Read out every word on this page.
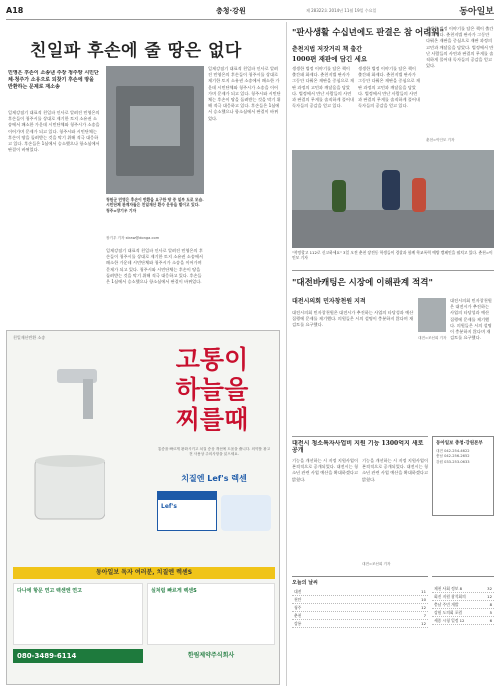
A18	충청·강원	제 28322호 2014년 11월 19일 수요일	동아일보
친일파 후손에 줄 땅은 없다
민영은 후손이 소송낸 주장 청주땅 시민단체·청주가 소유으로 되찾기 후손에 땅을 반환하는 문제로 재소송
일제강점기 대표적 친일파 인사로 알려진 민영은의 후손들이 청주시를 상대로 제기한 토지 소유권 소송에서 패소한 가운데 시민단체와 청주시가 소송을 이어가며 문제가 되고 있다. 청주시와 시민단체는 후손이 땅을 돌려받는 것을 막기 위해 적극 대응하고 있다. 후손들은 1심에서 승소했으나 항소심에서 판결이 바뀌었다.
청원군 민영은 후손이 반환을 요구한 땅 중 일부 도로 모습. 시민단체 관계자들은 친일재산 환수 운동을 벌이고 있다. 청주=장기우 기자
장기우 기자 straw@donga.com
일제강점기 대표적 친일파 인사로 알려진 민영은의 후손들이 청주시를 상대로 제기한 토지 소유권 소송에서 패소한 가운데 시민단체와 청주시가 소송을 이어가며 문제가 되고 있다. 청주시와 시민단체는 후손이 땅을 돌려받는 것을 막기 위해 적극 대응하고 있다. 후손들은 1심에서 승소했으나 항소심에서 판결이 바뀌었다.
일제강점기 대표적 친일파 인사로 알려진 민영은의 후손들이 청주시를 상대로 제기한 토지 소유권 소송에서 패소한 가운데 시민단체와 청주시가 소송을 이어가며 문제가 되고 있다. 청주시와 시민단체는 후손이 땅을 돌려받는 것을 막기 위해 적극 대응하고 있다. 후손들은 1심에서 승소했으나 항소심에서 판결이 바뀌었다.
친일재산반환 소송
고통이
하늘을
찌를때
통증을 빠르게 완화시키고 치질 증상 개선에 도움을 줍니다. 의약품 광고 전 사용상 주의사항을 읽으세요.
치질엔 Lef's 렉센
Lef's
동아일보 독자 여러분, 치질엔 렉센S
다나에 항문 연고 렉센엔 연고	실처럼 빠르게 렉센S
080-3489-6114	한림제약주식회사
"판사생활 수십년에도 판결은 참 어려워"
춘천지법 저잣거리 책 출간
1000편 재판에 담긴 세요
생생한 법정 이야기를 담은 책이 출간돼 화제다. 춘천지법 판사가 그동안 다뤄온 재판을 중심으로 재판 과정의 고민과 깨달음을 담았다. 법정에서 만난 사람들의 사연과 판결의 무게를 솔직하게 풀어내 독자들의 공감을 얻고 있다.
생생한 법정 이야기를 담은 책이 출간돼 화제다. 춘천지법 판사가 그동안 다뤄온 재판을 중심으로 재판 과정의 고민과 깨달음을 담았다. 법정에서 만난 사람들의 사연과 판결의 무게를 솔직하게 풀어내 독자들의 공감을 얻고 있다.
생생한 법정 이야기를 담은 책이 출간돼 화제다. 춘천지법 판사가 그동안 다뤄온 재판을 중심으로 재판 과정의 고민과 깨달음을 담았다. 법정에서 만난 사람들의 사연과 판결의 무게를 솔직하게 풀어내 독자들의 공감을 얻고 있다.
춘천=이인모 기자
"착정할고 112로 신고하세요" 3일 오전 춘천 장전동 학생들이 경찰과 함께 학교폭력 예방 캠페인을 펼치고 있다. 춘천=이인모 기자
"대전바캐팅은 시장에 이해관계 적격"
대전시의회 민자창천원 지적
대전시의회 민자창천원은 대전시가 추진하는 사업의 타당성과 예산 집행에 문제를 제기했다. 의원들은 시의 설명이 충분하지 않다며 재검토를 요구했다.
대전시의회 민자창천원은 대전시가 추진하는 사업의 타당성과 예산 집행에 문제를 제기했다. 의원들은 시의 설명이 충분하지 않다며 재검토를 요구했다.
대전=조선희 기자
대전시 청소특자사업비 지원 기능 1300억지 새로 공개
기능을 개선하는 시 지정 지원사업이 본격적으로 공개되었다. 대전시는 청소년 관련 사업 예산을 확대하겠다고 밝혔다.
기능을 개선하는 시 지정 지원사업이 본격적으로 공개되었다. 대전시는 청소년 관련 사업 예산을 확대하겠다고 밝혔다.
대전=조선희 기자
동아일보 충청·강원본부
대전 042-254-4622
충남 042-256-2652
강원 033-253-0633
오늘의 날씨
대전	11
천안	10
청주	12
춘천	7
강릉	12
제천 사회 정보 8	32
회진 지원 참석회의	12
충남 주민 개발	8
강원 도의회 포럼	5
세종 시청 일정 12	6
